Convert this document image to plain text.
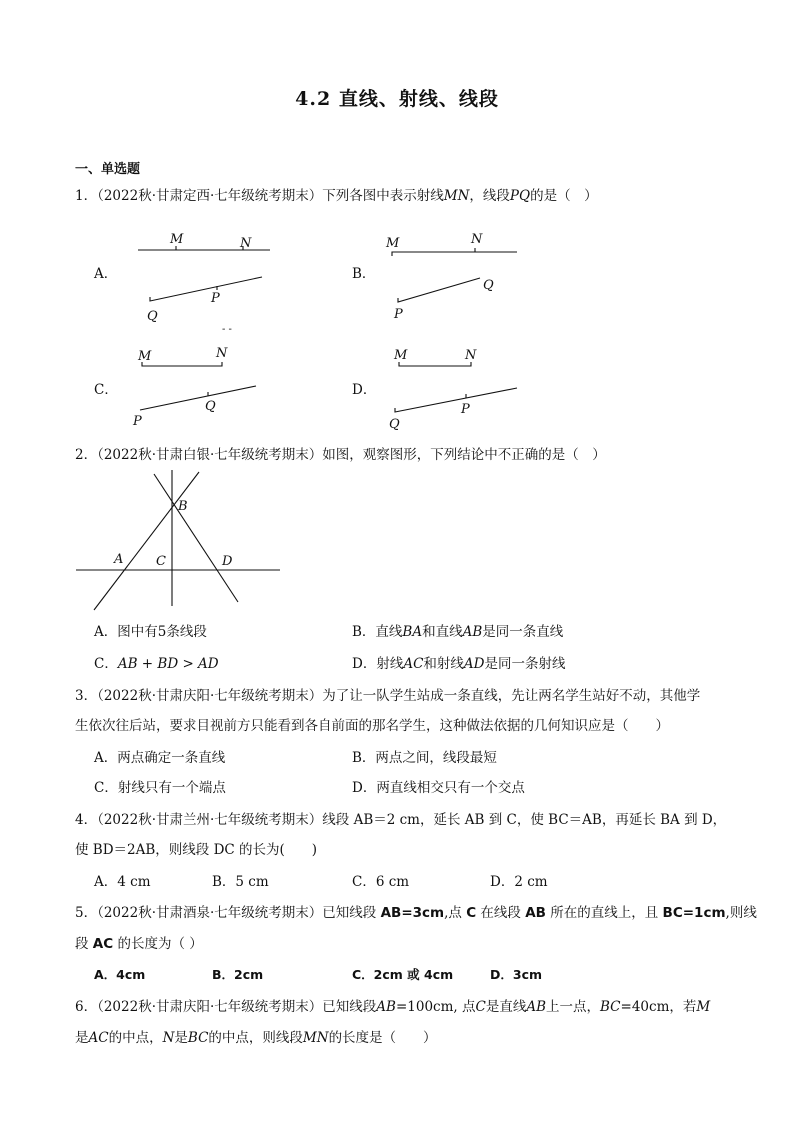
4.2 直线、射线、线段
一、单选题
1．（2022秋·甘肃定西·七年级统考期末）下列各图中表示射线MN，线段PQ的是（　）
A．
M	N
P
Q
B．
M	N
Q
P
- -
C．
M	N
Q
P
D．
M	N
P
Q
2．（2022秋·甘肃白银·七年级统考期末）如图，观察图形，下列结论中不正确的是（　）
B
A	C	D
A．图中有5条线段	B．直线BA和直线AB是同一条直线
C．AB + BD > AD	D．射线AC和射线AD是同一条射线
3．（2022秋·甘肃庆阳·七年级统考期末）为了让一队学生站成一条直线，先让两名学生站好不动，其他学
生依次往后站，要求目视前方只能看到各自前面的那名学生，这种做法依据的几何知识应是（　　）
A．两点确定一条直线	B．两点之间，线段最短
C．射线只有一个端点	D．两直线相交只有一个交点
4．（2022秋·甘肃兰州·七年级统考期末）线段 AB＝2 cm，延长 AB 到 C，使 BC＝AB，再延长 BA 到 D，
使 BD＝2AB，则线段 DC 的长为(　　)
A．4 cm	B．5 cm	C．6 cm	D．2 cm
5．（2022秋·甘肃酒泉·七年级统考期末）已知线段 AB=3cm,点 C 在线段 AB 所在的直线上，且 BC=1cm,则线
段 AC 的长度为（ ）
A．4cm	B．2cm	C．2cm 或 4cm	D．3cm
6．（2022秋·甘肃庆阳·七年级统考期末）已知线段AB=100cm, 点C是直线AB上一点，BC=40cm，若M
是AC的中点，N是BC的中点，则线段MN的长度是（　　）
